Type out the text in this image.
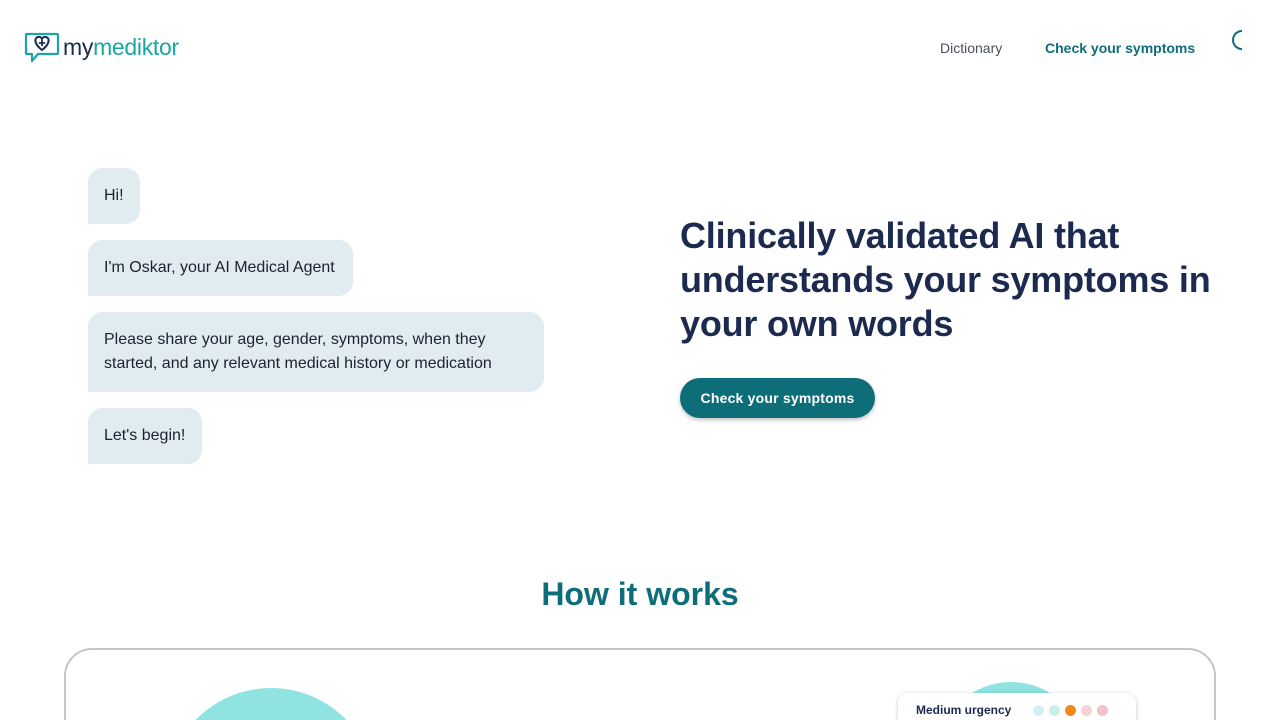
mymediktor	Dictionary	Check your symptoms
Hi!
I'm Oskar, your AI Medical Agent
Please share your age, gender, symptoms, when they started, and any relevant medical history or medication
Let's begin!
Clinically validated AI that understands your symptoms in your own words
Check your symptoms
How it works
Medium urgency
